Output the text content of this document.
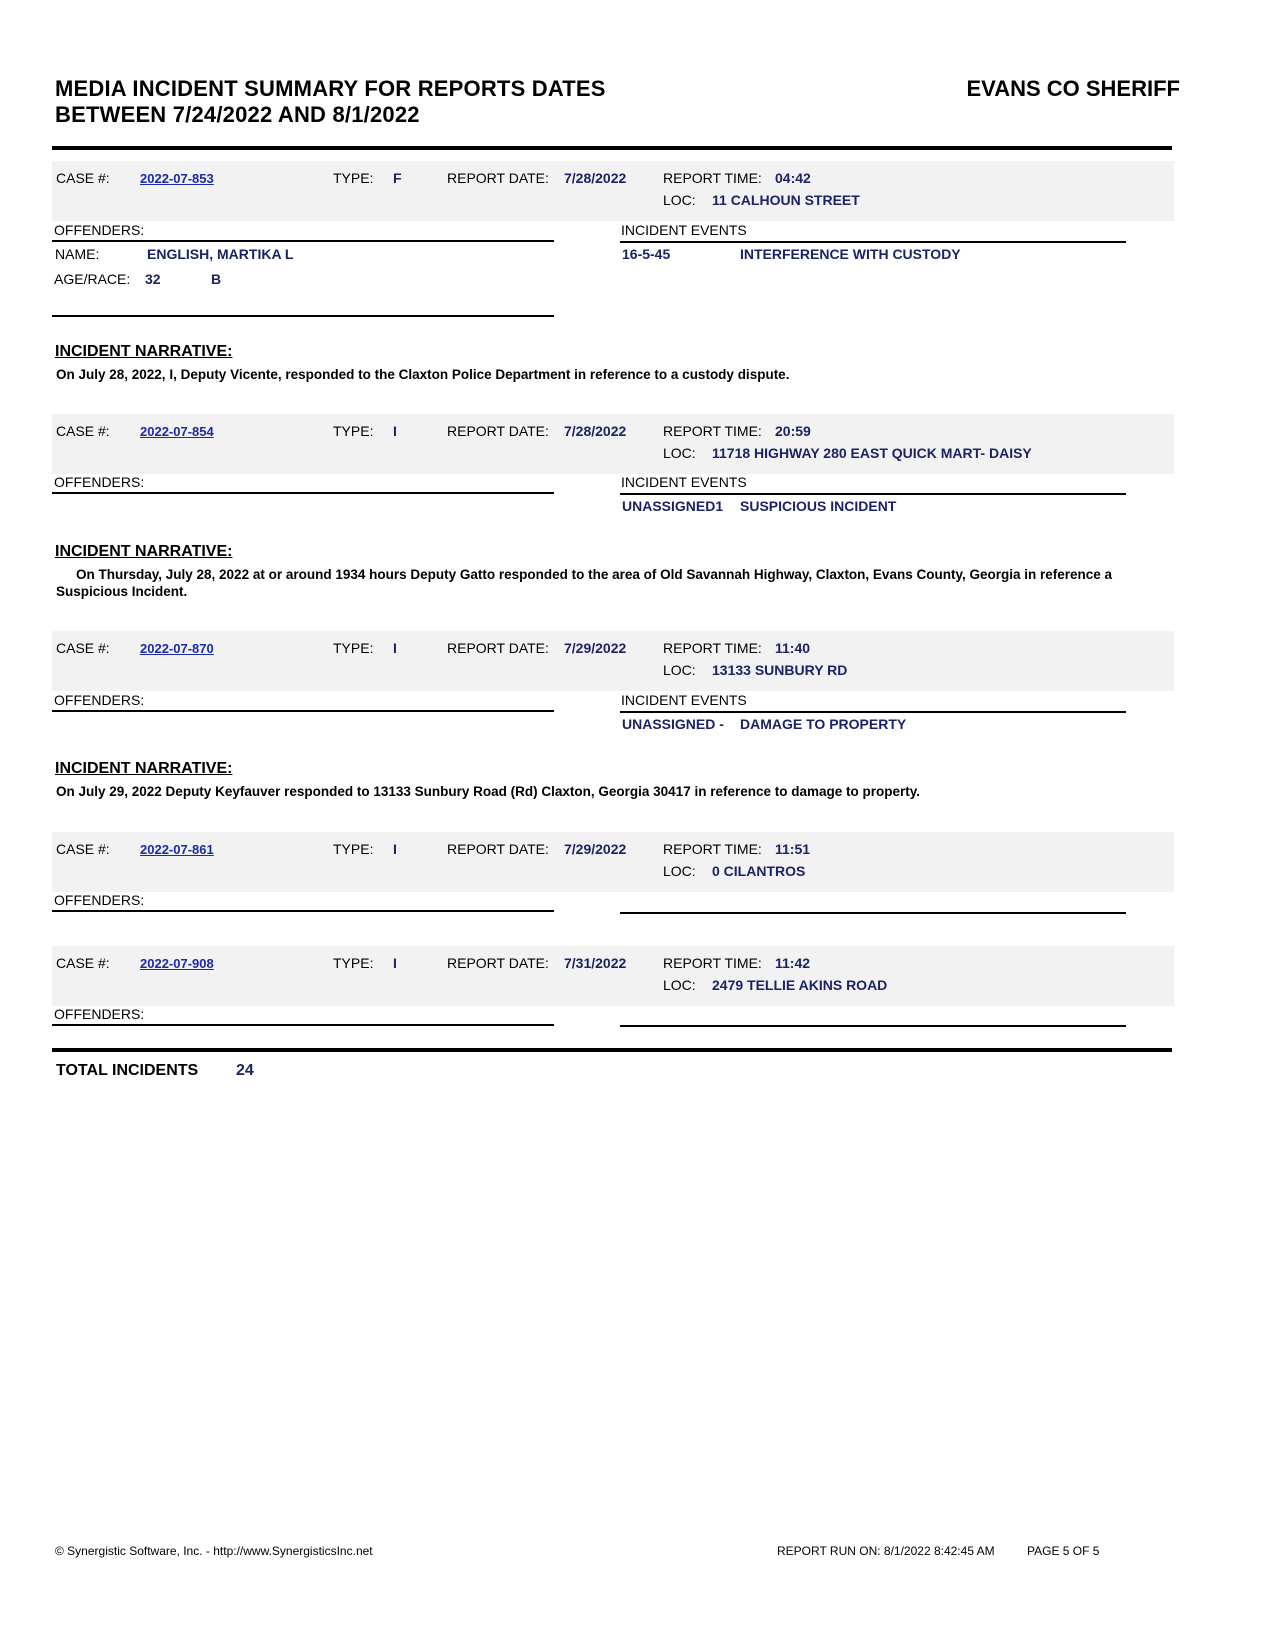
MEDIA INCIDENT SUMMARY FOR REPORTS DATES
BETWEEN 7/24/2022 AND 8/1/2022
EVANS CO SHERIFF
CASE #: 2022-07-853	TYPE: F	REPORT DATE: 7/28/2022	REPORT TIME: 04:42
LOC: 11 CALHOUN STREET
OFFENDERS:	INCIDENT EVENTS
NAME:	ENGLISH, MARTIKA L
AGE/RACE: 32	B
16-5-45	INTERFERENCE WITH CUSTODY
INCIDENT NARRATIVE:
On July 28, 2022, I, Deputy Vicente, responded to the Claxton Police Department in reference to a custody dispute.
CASE #: 2022-07-854	TYPE: I	REPORT DATE: 7/28/2022	REPORT TIME: 20:59
LOC: 11718 HIGHWAY 280 EAST QUICK MART- DAISY
OFFENDERS:	INCIDENT EVENTS
UNASSIGNED1 SUSPICIOUS INCIDENT
INCIDENT NARRATIVE:
On Thursday, July 28, 2022 at or around 1934 hours Deputy Gatto responded to the area of Old Savannah Highway, Claxton, Evans County, Georgia in reference a Suspicious Incident.
CASE #: 2022-07-870	TYPE: I	REPORT DATE: 7/29/2022	REPORT TIME: 11:40
LOC: 13133 SUNBURY RD
OFFENDERS:	INCIDENT EVENTS
UNASSIGNED - DAMAGE TO PROPERTY
INCIDENT NARRATIVE:
On July 29, 2022 Deputy Keyfauver responded to 13133 Sunbury Road (Rd) Claxton, Georgia 30417 in reference to damage to property.
CASE #: 2022-07-861	TYPE: I	REPORT DATE: 7/29/2022	REPORT TIME: 11:51
LOC: 0 CILANTROS
OFFENDERS:
CASE #: 2022-07-908	TYPE: I	REPORT DATE: 7/31/2022	REPORT TIME: 11:42
LOC: 2479 TELLIE AKINS ROAD
OFFENDERS:
TOTAL INCIDENTS 24
© Synergistic Software, Inc. - http://www.SynergisticsInc.net	REPORT RUN ON: 8/1/2022 8:42:45 AM	PAGE 5 OF 5
